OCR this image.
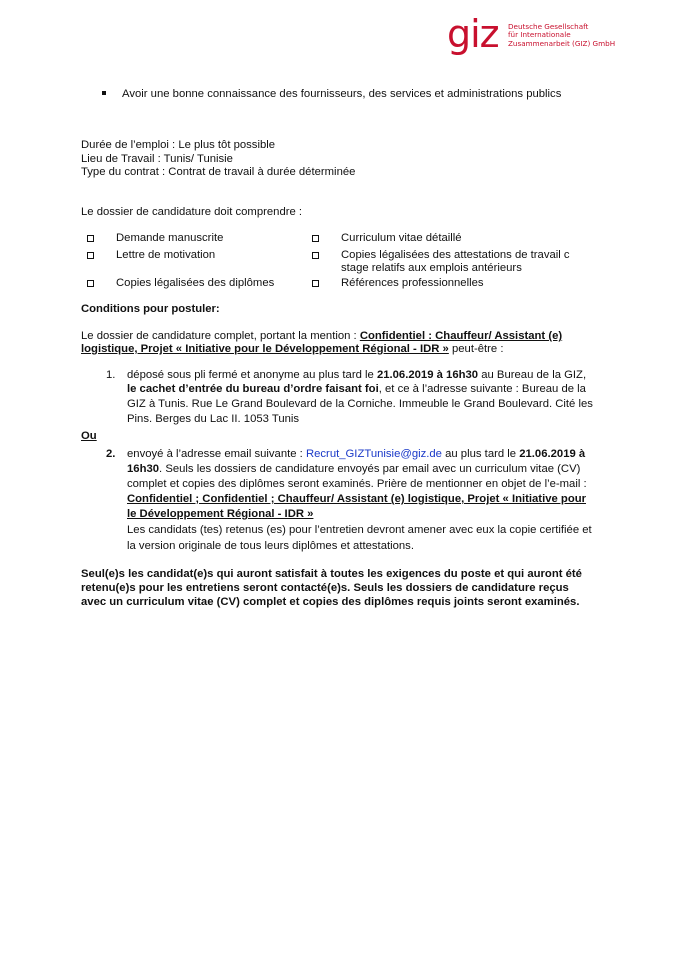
giz Deutsche Gesellschaft
für Internationale
Zusammenarbeit (GIZ) GmbH
Avoir une bonne connaissance des fournisseurs, des services et administrations publics
Durée de l’emploi : Le plus tôt possible
Lieu de Travail : Tunis/ Tunisie
Type du contrat : Contrat de travail à durée déterminée
Le dossier de candidature doit comprendre :
Demande manuscrite
Lettre de motivation
Copies légalisées des diplômes
Curriculum vitae détaillé
Copies légalisées des attestations de travail c
stage relatifs aux emplois antérieurs
Références professionnelles
Conditions pour postuler:
Le dossier de candidature complet, portant la mention : Confidentiel : Chauffeur/ Assistant (e)
logistique, Projet « Initiative pour le Développement Régional - IDR » peut-être :
1. déposé sous pli fermé et anonyme au plus tard le 21.06.2019 à 16h30 au Bureau de la GIZ,
le cachet d’entrée du bureau d’ordre faisant foi, et ce à l’adresse suivante : Bureau de la
GIZ à Tunis. Rue Le Grand Boulevard de la Corniche. Immeuble le Grand Boulevard. Cité les
Pins. Berges du Lac II. 1053 Tunis
Ou
2. envoyé à l’adresse email suivante : Recrut_GIZTunisie@giz.de au plus tard le 21.06.2019 à
16h30. Seuls les dossiers de candidature envoyés par email avec un curriculum vitae (CV)
complet et copies des diplômes seront examinés. Prière de mentionner en objet de l’e-mail :
Confidentiel ; Confidentiel ; Chauffeur/ Assistant (e) logistique, Projet « Initiative pour
le Développement Régional - IDR »
Les candidats (tes) retenus (es) pour l’entretien devront amener avec eux la copie certifiée et
la version originale de tous leurs diplômes et attestations.
Seul(e)s les candidat(e)s qui auront satisfait à toutes les exigences du poste et qui auront été
retenu(e)s pour les entretiens seront contacté(e)s. Seuls les dossiers de candidature reçus
avec un curriculum vitae (CV) complet et copies des diplômes requis joints seront examinés.
